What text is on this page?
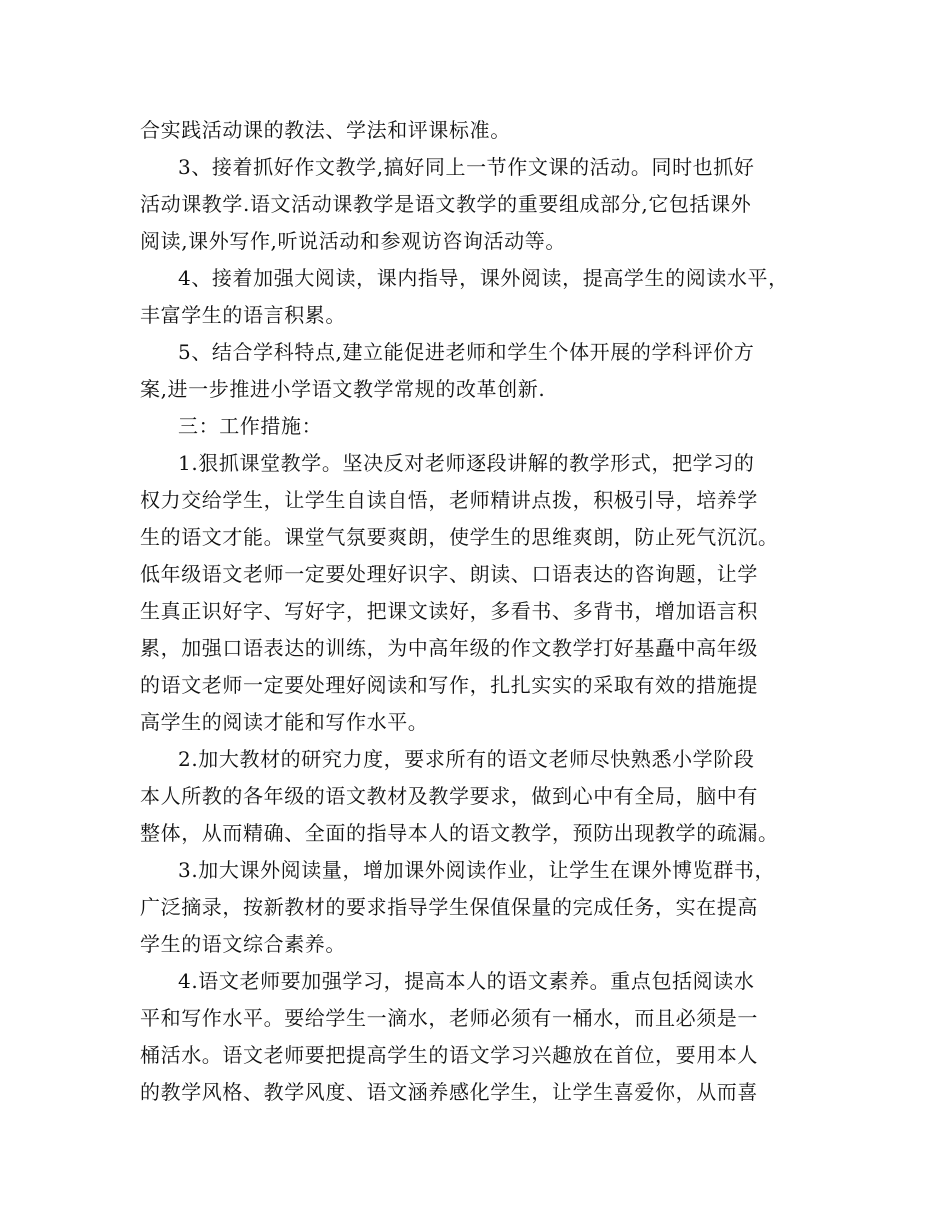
合实践活动课的教法、学法和评课标准。

3、接着抓好作文教学,搞好同上一节作文课的活动。同时也抓好

活动课教学.语文活动课教学是语文教学的重要组成部分,它包括课外

阅读,课外写作,听说活动和参观访咨询活动等。

4、接着加强大阅读，课内指导，课外阅读，提高学生的阅读水平，

丰富学生的语言积累。

5、结合学科特点,建立能促进老师和学生个体开展的学科评价方

案,进一步推进小学语文教学常规的改革创新.

三：工作措施：

1.狠抓课堂教学。坚决反对老师逐段讲解的教学形式，把学习的

权力交给学生，让学生自读自悟，老师精讲点拨，积极引导，培养学

生的语文才能。课堂气氛要爽朗，使学生的思维爽朗，防止死气沉沉。

低年级语文老师一定要处理好识字、朗读、口语表达的咨询题，让学

生真正识好字、写好字，把课文读好，多看书、多背书，增加语言积

累，加强口语表达的训练，为中高年级的作文教学打好基矗中高年级

的语文老师一定要处理好阅读和写作，扎扎实实的采取有效的措施提

高学生的阅读才能和写作水平。

2.加大教材的研究力度，要求所有的语文老师尽快熟悉小学阶段

本人所教的各年级的语文教材及教学要求，做到心中有全局，脑中有

整体，从而精确、全面的指导本人的语文教学，预防出现教学的疏漏。

3.加大课外阅读量，增加课外阅读作业，让学生在课外博览群书，

广泛摘录，按新教材的要求指导学生保值保量的完成任务，实在提高

学生的语文综合素养。

4.语文老师要加强学习，提高本人的语文素养。重点包括阅读水

平和写作水平。要给学生一滴水，老师必须有一桶水，而且必须是一

桶活水。语文老师要把提高学生的语文学习兴趣放在首位，要用本人

的教学风格、教学风度、语文涵养感化学生，让学生喜爱你，从而喜
